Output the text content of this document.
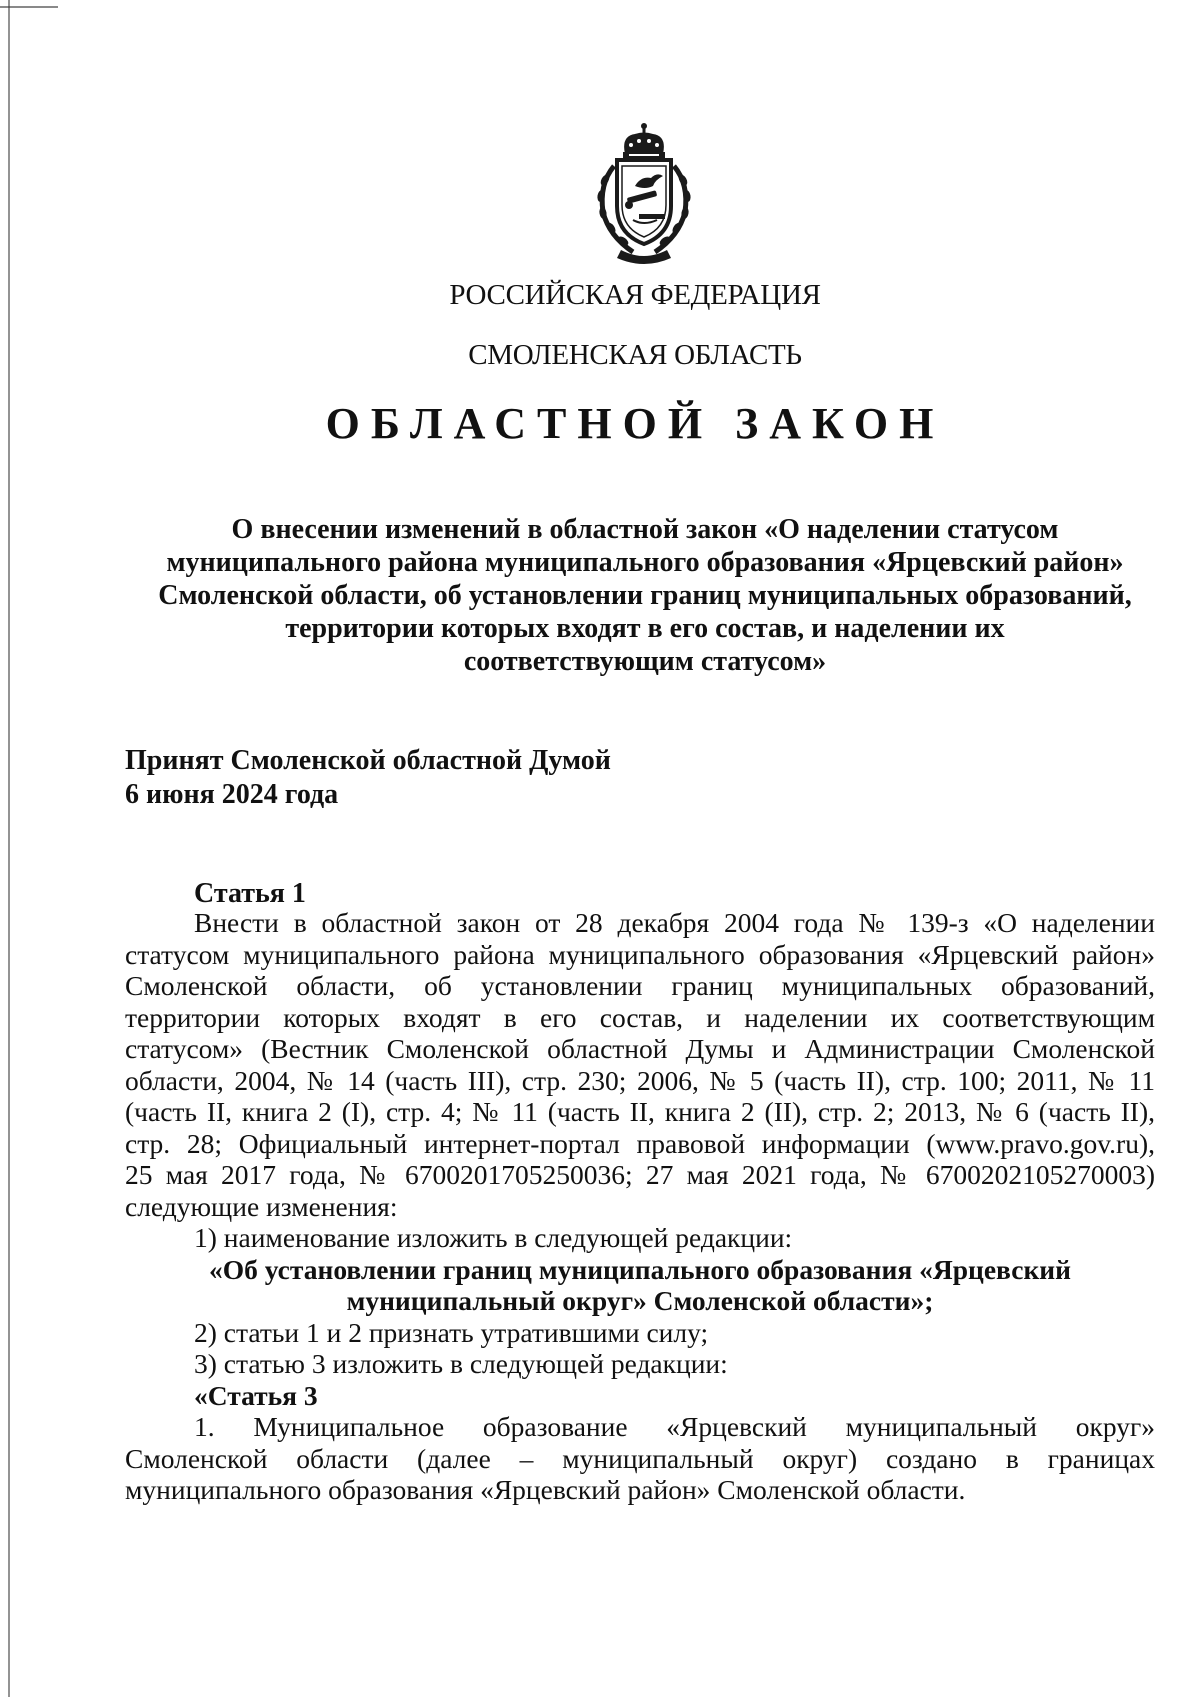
РОССИЙСКАЯ ФЕДЕРАЦИЯ
СМОЛЕНСКАЯ ОБЛАСТЬ
ОБЛАСТНОЙ ЗАКОН
О внесении изменений в областной закон «О наделении статусом
муниципального района муниципального образования «Ярцевский район»
Смоленской области, об установлении границ муниципальных образований,
территории которых входят в его состав, и наделении их
соответствующим статусом»
Принят Смоленской областной Думой
6 июня 2024 года
Статья 1
Внести в областной закон от 28 декабря 2004 года № 139-з «О наделении
статусом муниципального района муниципального образования «Ярцевский район»
Смоленской области, об установлении границ муниципальных образований,
территории которых входят в его состав, и наделении их соответствующим
статусом» (Вестник Смоленской областной Думы и Администрации Смоленской
области, 2004, № 14 (часть III), стр. 230; 2006, № 5 (часть II), стр. 100; 2011, № 11
(часть II, книга 2 (I), стр. 4; № 11 (часть II, книга 2 (II), стр. 2; 2013, № 6 (часть II),
стр. 28; Официальный интернет-портал правовой информации (www.pravo.gov.ru),
25 мая 2017 года, № 6700201705250036; 27 мая 2021 года, № 6700202105270003)
следующие изменения:
1) наименование изложить в следующей редакции:
«Об установлении границ муниципального образования «Ярцевский
муниципальный округ» Смоленской области»;
2) статьи 1 и 2 признать утратившими силу;
3) статью 3 изложить в следующей редакции:
«Статья 3
1. Муниципальное образование «Ярцевский муниципальный округ»
Смоленской области (далее – муниципальный округ) создано в границах
муниципального образования «Ярцевский район» Смоленской области.
